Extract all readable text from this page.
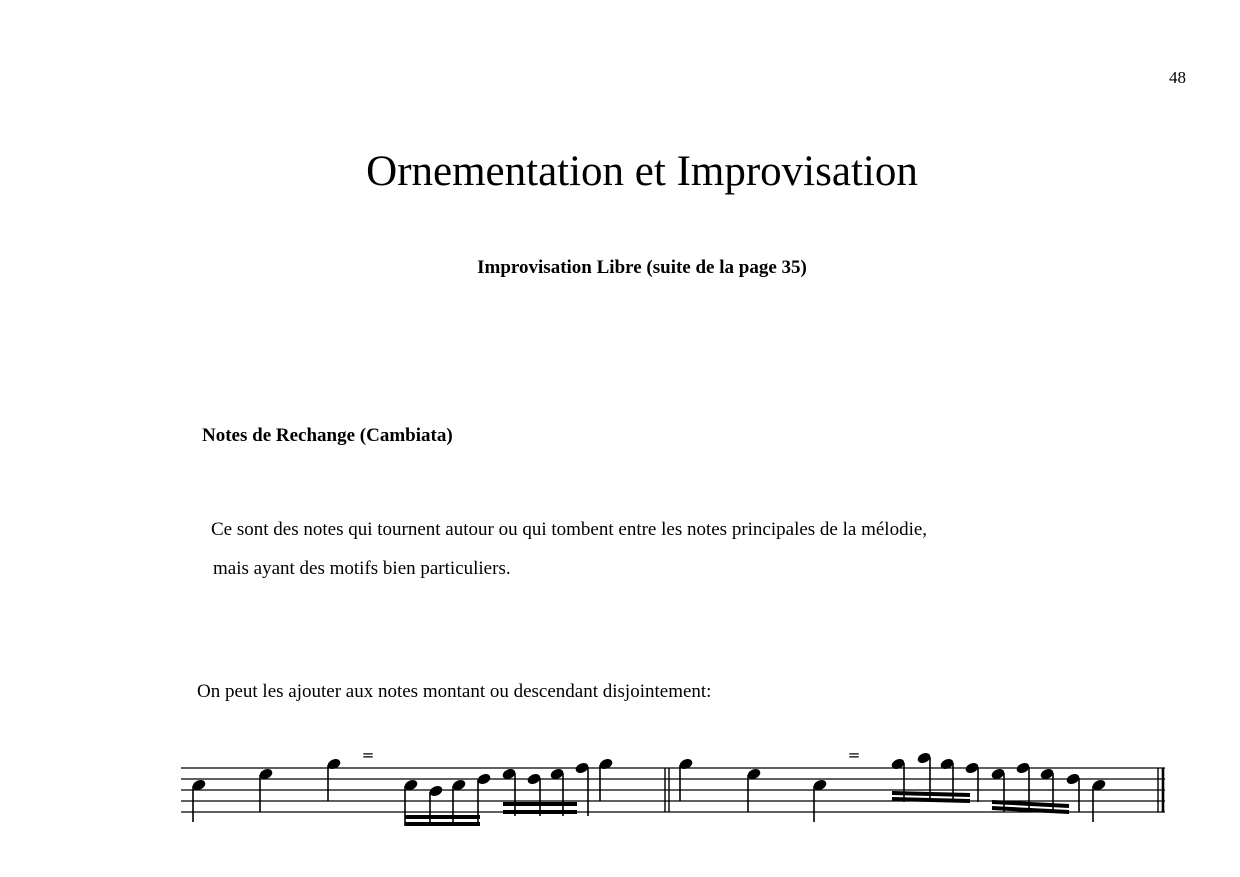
48
Ornementation et Improvisation
Improvisation Libre (suite de la page 35)
Notes de Rechange (Cambiata)
Ce sont des notes qui tournent autour ou qui tombent entre les notes principales de la mélodie,
mais ayant des motifs bien particuliers.
On peut les ajouter aux notes montant ou descendant disjointement:
=	=
